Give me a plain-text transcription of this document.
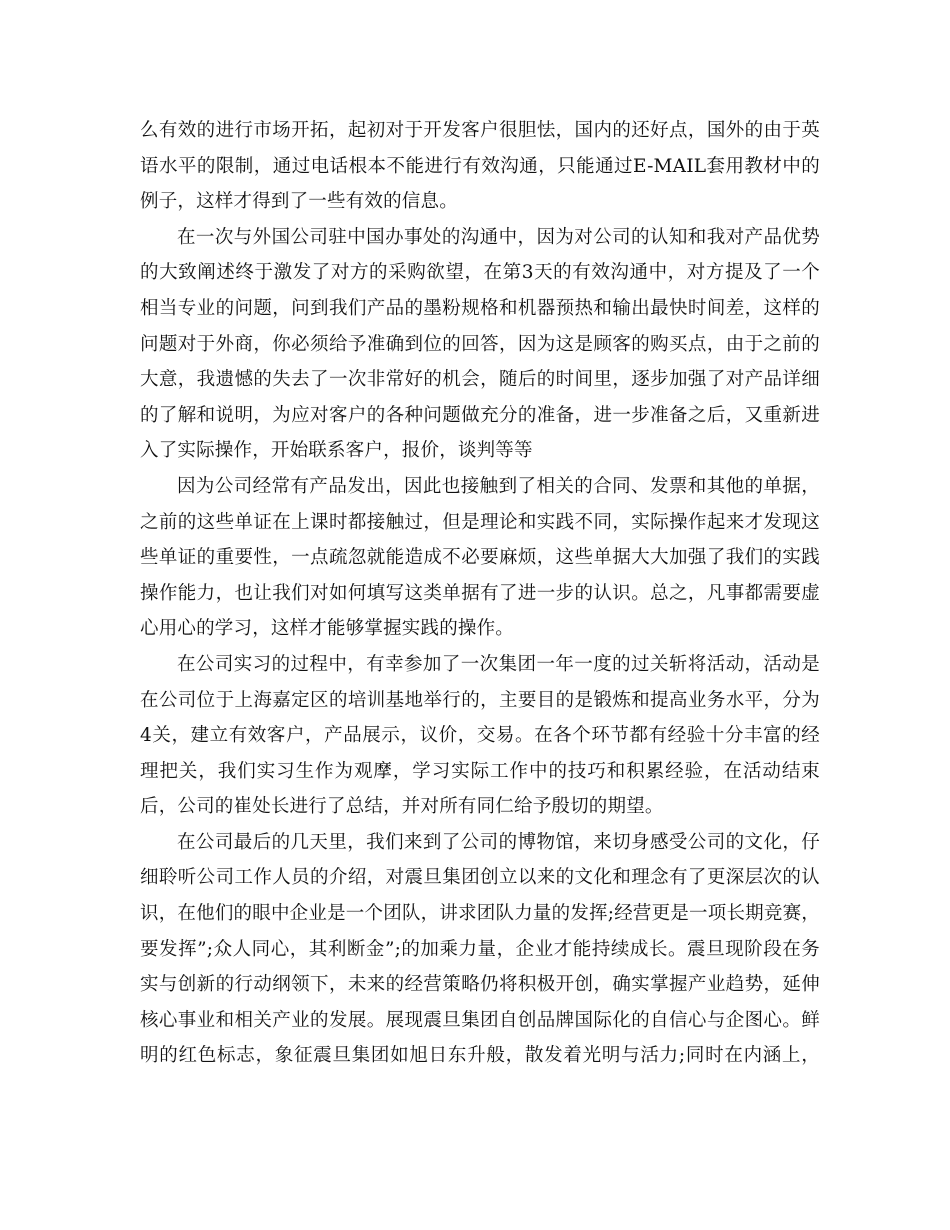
么有效的进行市场开拓，起初对于开发客户很胆怯，国内的还好点，国外的由于英语水平的限制，通过电话根本不能进行有效沟通，只能通过E-MAIL套用教材中的例子，这样才得到了一些有效的信息。

在一次与外国公司驻中国办事处的沟通中，因为对公司的认知和我对产品优势的大致阐述终于激发了对方的采购欲望，在第3天的有效沟通中，对方提及了一个相当专业的问题，问到我们产品的墨粉规格和机器预热和输出最快时间差，这样的问题对于外商，你必须给予准确到位的回答，因为这是顾客的购买点，由于之前的大意，我遗憾的失去了一次非常好的机会，随后的时间里，逐步加强了对产品详细的了解和说明，为应对客户的各种问题做充分的准备，进一步准备之后，又重新进入了实际操作，开始联系客户，报价，谈判等等

因为公司经常有产品发出，因此也接触到了相关的合同、发票和其他的单据，之前的这些单证在上课时都接触过，但是理论和实践不同，实际操作起来才发现这些单证的重要性，一点疏忽就能造成不必要麻烦，这些单据大大加强了我们的实践操作能力，也让我们对如何填写这类单据有了进一步的认识。总之，凡事都需要虚心用心的学习，这样才能够掌握实践的操作。

在公司实习的过程中，有幸参加了一次集团一年一度的过关斩将活动，活动是在公司位于上海嘉定区的培训基地举行的，主要目的是锻炼和提高业务水平，分为4关，建立有效客户，产品展示，议价，交易。在各个环节都有经验十分丰富的经理把关，我们实习生作为观摩，学习实际工作中的技巧和积累经验，在活动结束后，公司的崔处长进行了总结，并对所有同仁给予殷切的期望。

在公司最后的几天里，我们来到了公司的博物馆，来切身感受公司的文化，仔细聆听公司工作人员的介绍，对震旦集团创立以来的文化和理念有了更深层次的认识，在他们的眼中企业是一个团队，讲求团队力量的发挥;经营更是一项长期竞赛，要发挥”;众人同心，其利断金”;的加乘力量，企业才能持续成长。震旦现阶段在务实与创新的行动纲领下，未来的经营策略仍将积极开创，确实掌握产业趋势，延伸核心事业和相关产业的发展。展现震旦集团自创品牌国际化的自信心与企图心。鲜明的红色标志，象征震旦集团如旭日东升般，散发着光明与活力;同时在内涵上，
